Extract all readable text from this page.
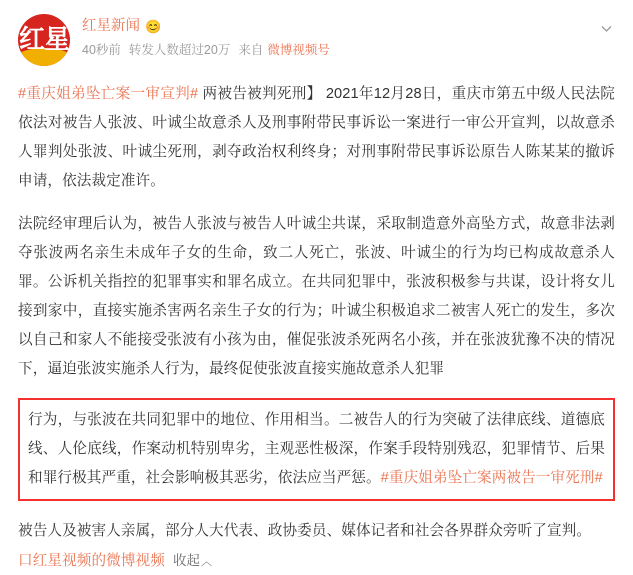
红星 红星新闻 😊
40秒前 转发人数超过20万 来自 微博视频号

#重庆姐弟坠亡案一审宣判# 两被告被判死刑】 2021年12月28日，重庆市第五中级人民法院依法对被告人张波、叶诚尘故意杀人及刑事附带民事诉讼一案进行一审公开宣判，以故意杀人罪判处张波、叶诚尘死刑，剥夺政治权利终身；对刑事附带民事诉讼原告人陈某某的撤诉申请，依法裁定准许。

法院经审理后认为，被告人张波与被告人叶诚尘共谋，采取制造意外高坠方式，故意非法剥夺张波两名亲生未成年子女的生命，致二人死亡，张波、叶诚尘的行为均已构成故意杀人罪。公诉机关指控的犯罪事实和罪名成立。在共同犯罪中，张波积极参与共谋，设计将女儿接到家中，直接实施杀害两名亲生子女的行为；叶诚尘积极追求二被害人死亡的发生，多次以自己和家人不能接受张波有小孩为由，催促张波杀死两名小孩，并在张波犹豫不决的情况下，逼迫张波实施杀人行为，最终促使张波直接实施故意杀人犯罪

行为，与张波在共同犯罪中的地位、作用相当。二被告人的行为突破了法律底线、道德底线、人伦底线，作案动机特别卑劣，主观恶性极深，作案手段特别残忍，犯罪情节、后果和罪行极其严重，社会影响极其恶劣，依法应当严惩。#重庆姐弟坠亡案两被告一审死刑#

被告人及被害人亲属，部分人大代表、政协委员、媒体记者和社会各界群众旁听了宣判。

口红星视频的微博视频 收起︿
